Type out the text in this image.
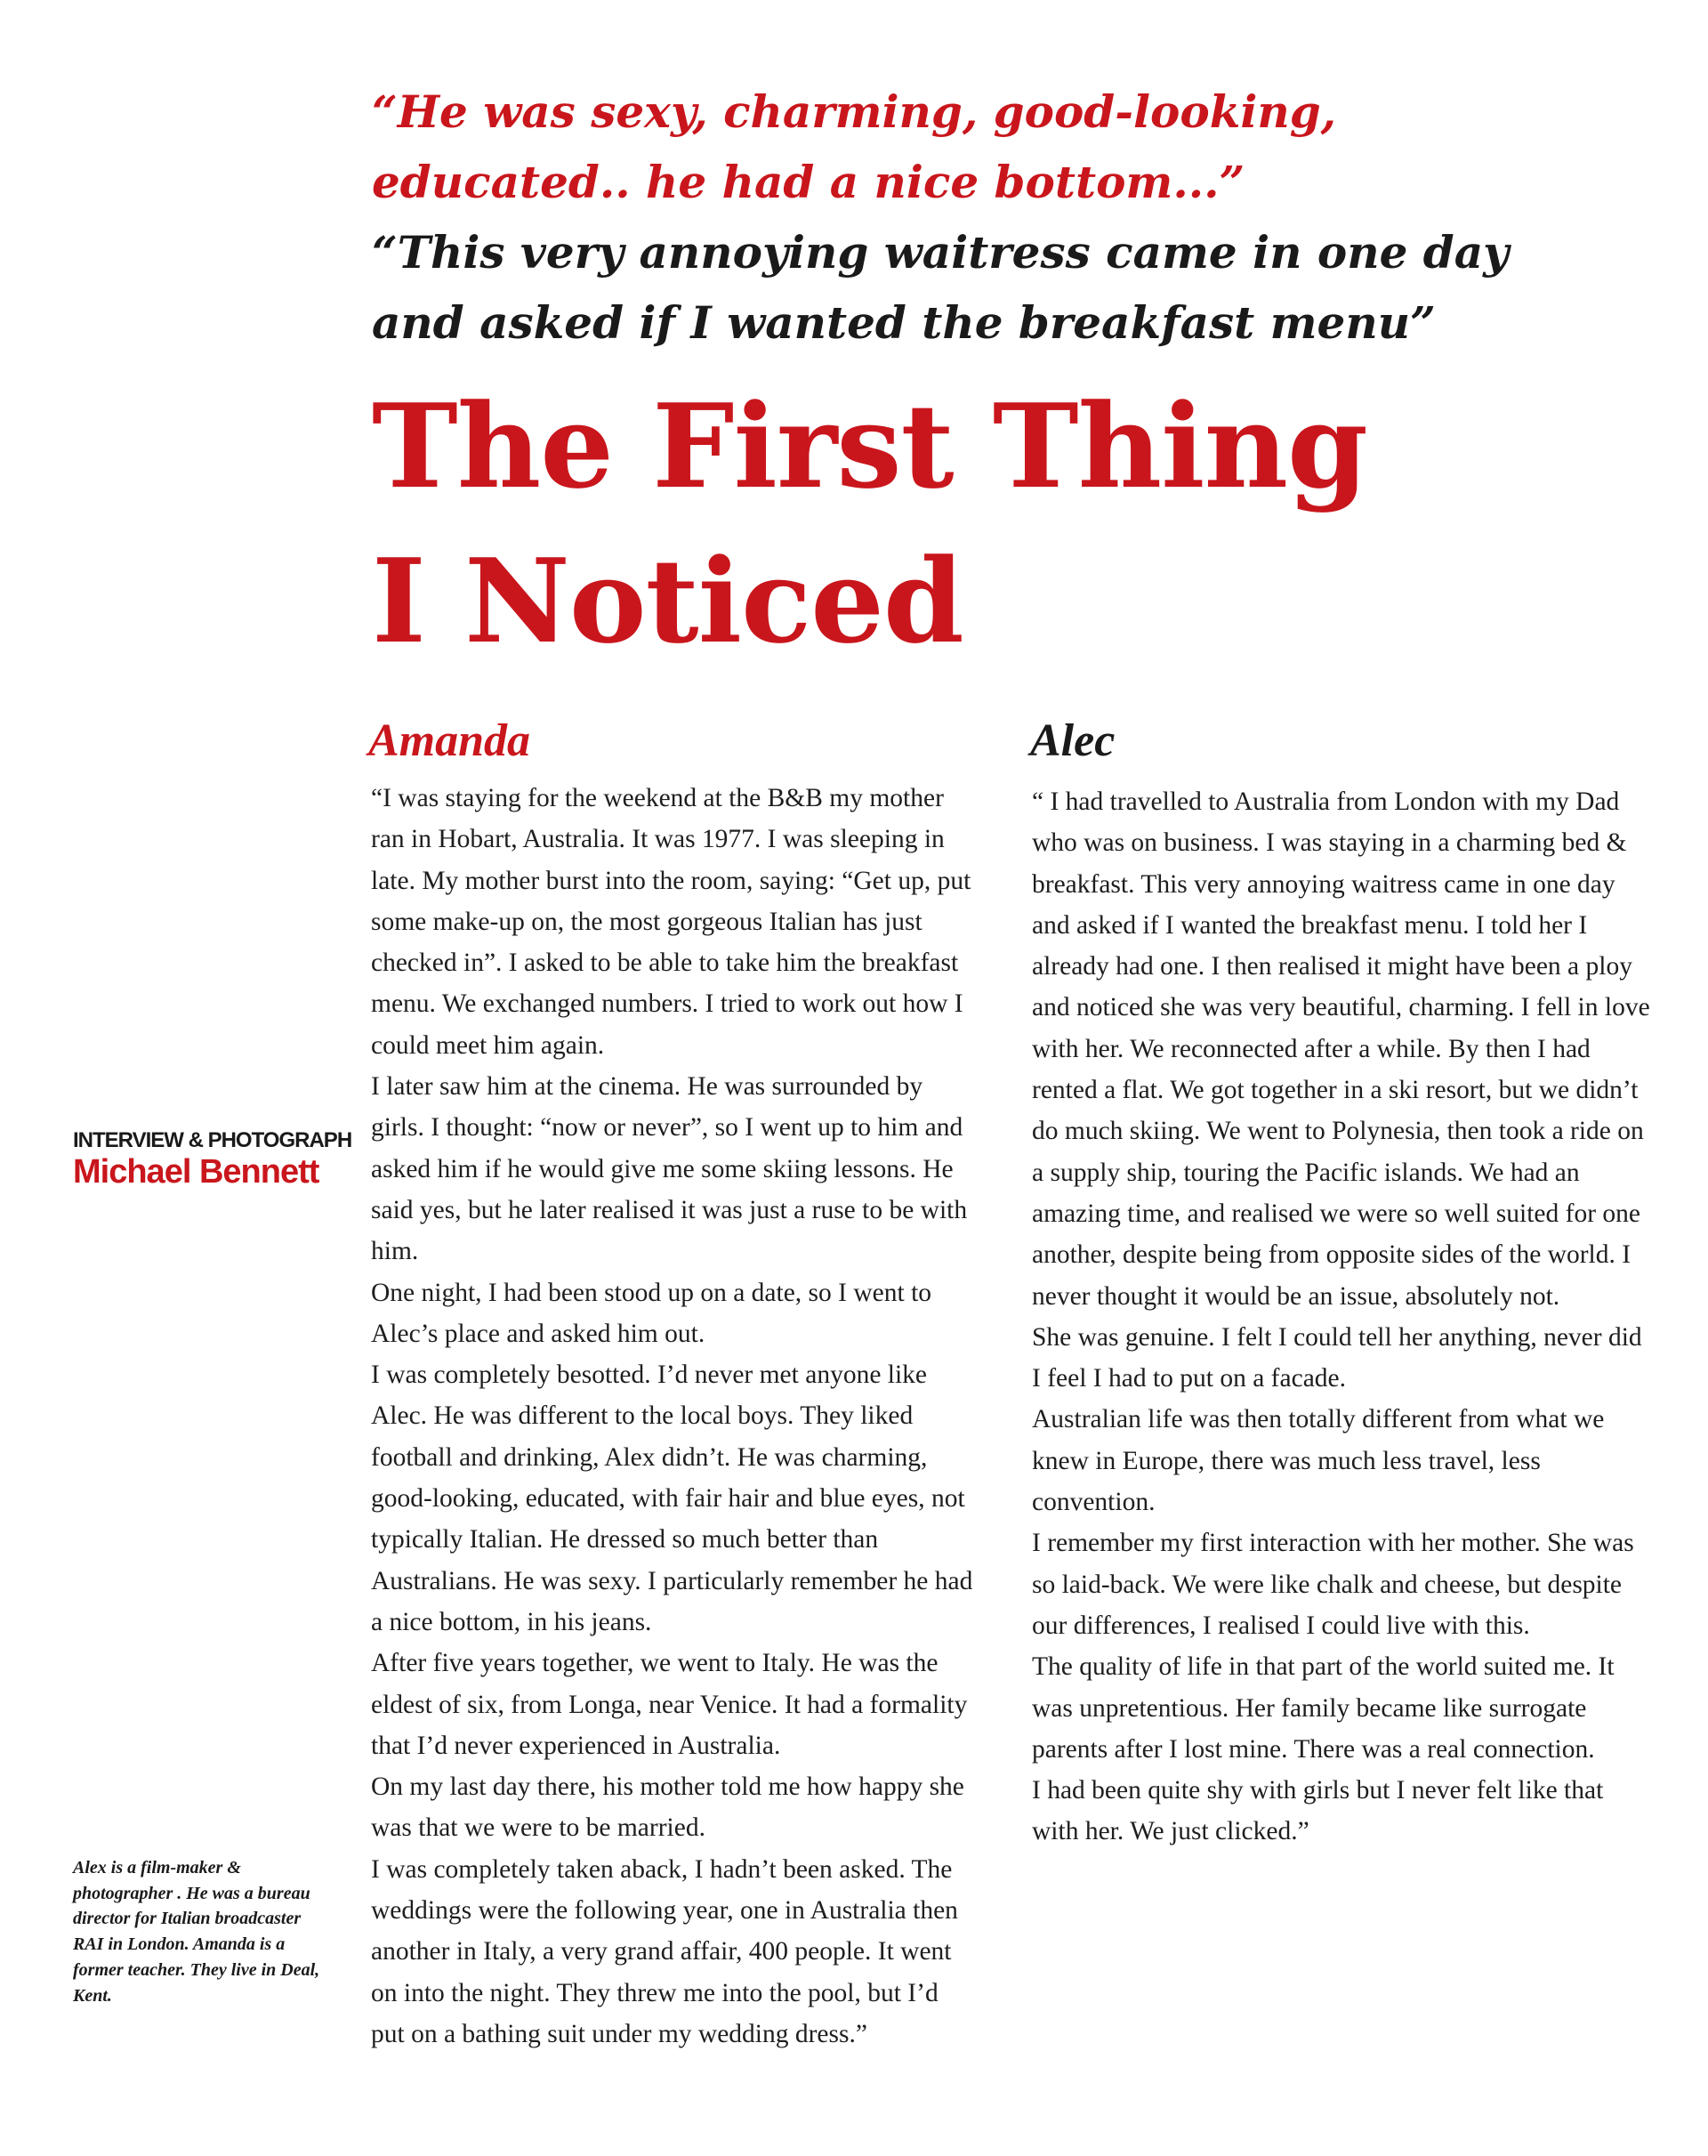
“He was sexy, charming, good-looking,
educated.. he had a nice bottom...”

“This very annoying waitress came in one day
and asked if I wanted the breakfast menu”

The First Thing
I Noticed
Amanda

“I was staying for the weekend at the B&B my mother ran in Hobart, Australia. It was 1977. I was sleeping in late. My mother burst into the room, saying: “Get up, put some make-up on, the most gorgeous Italian has just checked in”. I asked to be able to take him the breakfast menu. We exchanged numbers. I tried to work out how I could meet him again.
I later saw him at the cinema. He was surrounded by girls. I thought: “now or never”, so I went up to him and asked him if he would give me some skiing lessons. He said yes, but he later realised it was just a ruse to be with him.
One night, I had been stood up on a date, so I went to Alec’s place and asked him out.
I was completely besotted. I’d never met anyone like Alec. He was different to the local boys. They liked football and drinking, Alex didn’t. He was charming, good-looking, educated, with fair hair and blue eyes, not typically Italian. He dressed so much better than Australians. He was sexy. I particularly remember he had a nice bottom, in his jeans.
After five years together, we went to Italy. He was the eldest of six, from Longa, near Venice. It had a formality that I’d never experienced in Australia.
On my last day there, his mother told me how happy she was that we were to be married.
I was completely taken aback, I hadn’t been asked. The weddings were the following year, one in Australia then another in Italy, a very grand affair, 400 people. It went on into the night. They threw me into the pool, but I’d put on a bathing suit under my wedding dress.”

Alec

“ I had travelled to Australia from London with my Dad who was on business. I was staying in a charming bed & breakfast. This very annoying waitress came in one day and asked if I wanted the breakfast menu. I told her I already had one. I then realised it might have been a ploy and noticed she was very beautiful, charming. I fell in love with her. We reconnected after a while. By then I had rented a flat. We got together in a ski resort, but we didn’t do much skiing. We went to Polynesia, then took a ride on a supply ship, touring the Pacific islands. We had an amazing time, and realised we were so well suited for one another, despite being from opposite sides of the world. I never thought it would be an issue, absolutely not.
She was genuine. I felt I could tell her anything, never did I feel I had to put on a facade.
Australian life was then totally different from what we knew in Europe, there was much less travel, less convention.
I remember my first interaction with her mother. She was so laid-back. We were like chalk and cheese, but despite our differences, I realised I could live with this.
The quality of life in that part of the world suited me. It was unpretentious. Her family became like surrogate parents after I lost mine. There was a real connection.
I had been quite shy with girls but I never felt like that with her. We just clicked.”

INTERVIEW & PHOTOGRAPH

Michael Bennett

Alex is a film-maker & photographer . He was a bureau director for Italian broadcaster RAI in London. Amanda is a former teacher. They live in Deal, Kent.
